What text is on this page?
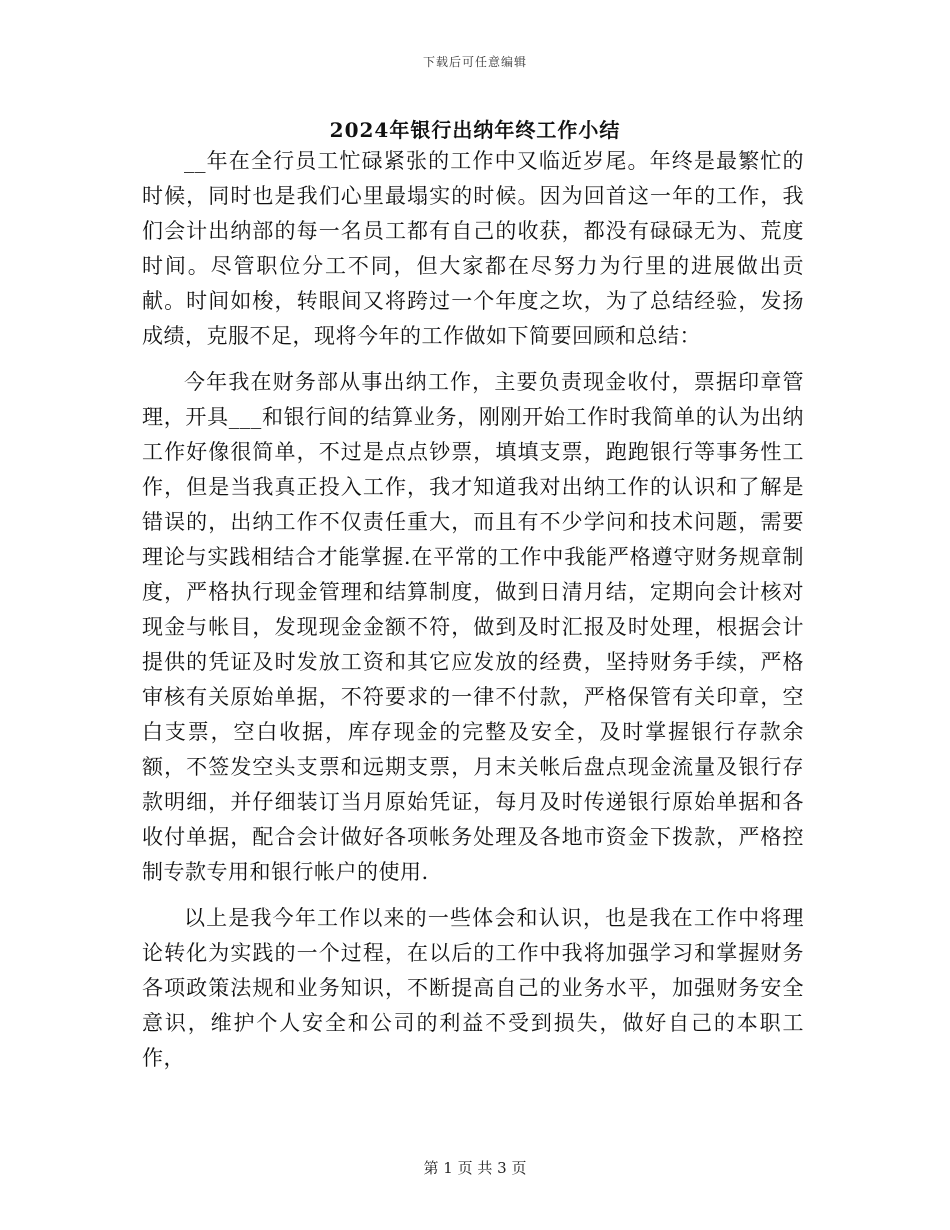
下载后可任意编辑
2024年银行出纳年终工作小结

__年在全行员工忙碌紧张的工作中又临近岁尾。年终是最繁忙的时候，同时也是我们心里最塌实的时候。因为回首这一年的工作，我们会计出纳部的每一名员工都有自己的收获，都没有碌碌无为、荒度时间。尽管职位分工不同，但大家都在尽努力为行里的进展做出贡献。时间如梭，转眼间又将跨过一个年度之坎，为了总结经验，发扬成绩，克服不足，现将今年的工作做如下简要回顾和总结：

今年我在财务部从事出纳工作，主要负责现金收付，票据印章管理，开具___和银行间的结算业务，刚刚开始工作时我简单的认为出纳工作好像很简单，不过是点点钞票，填填支票，跑跑银行等事务性工作，但是当我真正投入工作，我才知道我对出纳工作的认识和了解是错误的，出纳工作不仅责任重大，而且有不少学问和技术问题，需要理论与实践相结合才能掌握.在平常的工作中我能严格遵守财务规章制度，严格执行现金管理和结算制度，做到日清月结，定期向会计核对现金与帐目，发现现金金额不符，做到及时汇报及时处理，根据会计提供的凭证及时发放工资和其它应发放的经费，坚持财务手续，严格审核有关原始单据，不符要求的一律不付款，严格保管有关印章，空白支票，空白收据，库存现金的完整及安全，及时掌握银行存款余额，不签发空头支票和远期支票，月末关帐后盘点现金流量及银行存款明细，并仔细装订当月原始凭证，每月及时传递银行原始单据和各收付单据，配合会计做好各项帐务处理及各地市资金下拨款，严格控制专款专用和银行帐户的使用.

以上是我今年工作以来的一些体会和认识，也是我在工作中将理论转化为实践的一个过程，在以后的工作中我将加强学习和掌握财务各项政策法规和业务知识，不断提高自己的业务水平，加强财务安全意识，维护个人安全和公司的利益不受到损失，做好自己的本职工作，

第 1 页 共 3 页
